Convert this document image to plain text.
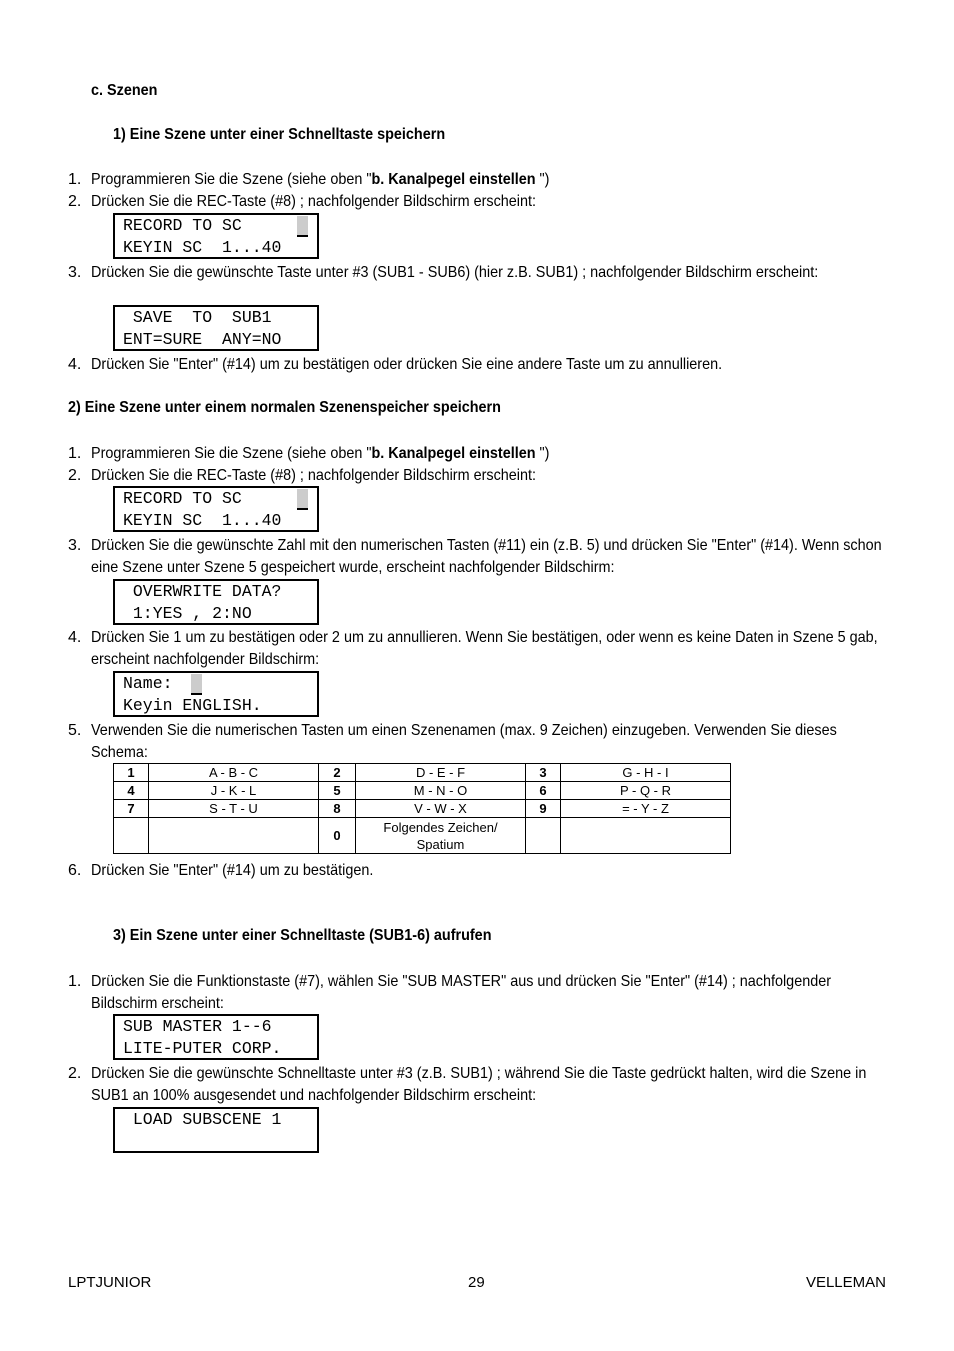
c. Szenen
1) Eine Szene unter einer Schnelltaste speichern
1. Programmieren Sie die Szene (siehe oben "b. Kanalpegel einstellen ")
2. Drücken Sie die REC-Taste (#8) ; nachfolgender Bildschirm erscheint:
RECORD TO SC
KEYIN SC  1...40
3. Drücken Sie die gewünschte Taste unter #3 (SUB1 - SUB6) (hier z.B. SUB1) ; nachfolgender Bildschirm erscheint:
SAVE  TO  SUB1
ENT=SURE  ANY=NO
4. Drücken Sie "Enter" (#14) um zu bestätigen oder drücken Sie eine andere Taste um zu annullieren.
2) Eine Szene unter einem normalen Szenenspeicher speichern
1. Programmieren Sie die Szene (siehe oben "b. Kanalpegel einstellen ")
2. Drücken Sie die REC-Taste (#8) ; nachfolgender Bildschirm erscheint:
RECORD TO SC
KEYIN SC  1...40
3. Drücken Sie die gewünschte Zahl mit den numerischen Tasten (#11) ein (z.B. 5) und drücken Sie "Enter" (#14). Wenn schon eine Szene unter Szene 5 gespeichert wurde, erscheint nachfolgender Bildschirm:
OVERWRITE DATA?
1:YES , 2:NO
4. Drücken Sie 1 um zu bestätigen oder 2 um zu annullieren. Wenn Sie bestätigen, oder wenn es keine Daten in Szene 5 gab, erscheint nachfolgender Bildschirm:
Name:
Keyin ENGLISH.
5. Verwenden Sie die numerischen Tasten um einen Szenenamen (max. 9 Zeichen) einzugeben. Verwenden Sie dieses Schema:
1	A - B - C	2	D - E - F	3	G - H - I
4	J - K - L	5	M - N - O	6	P - Q - R
7	S - T - U	8	V - W - X	9	= - Y - Z
		0	Folgendes Zeichen/ Spatium		
6. Drücken Sie "Enter" (#14) um zu bestätigen.
3) Ein Szene unter einer Schnelltaste (SUB1-6) aufrufen
1. Drücken Sie die Funktionstaste (#7), wählen Sie "SUB MASTER" aus und drücken Sie "Enter" (#14) ; nachfolgender Bildschirm erscheint:
SUB MASTER 1--6
LITE-PUTER CORP.
2. Drücken Sie die gewünschte Schnelltaste unter #3 (z.B. SUB1) ; während Sie die Taste gedrückt halten, wird die Szene in SUB1 an 100% ausgesendet und nachfolgender Bildschirm erscheint:
LOAD SUBSCENE 1
LPTJUNIOR	29	VELLEMAN
